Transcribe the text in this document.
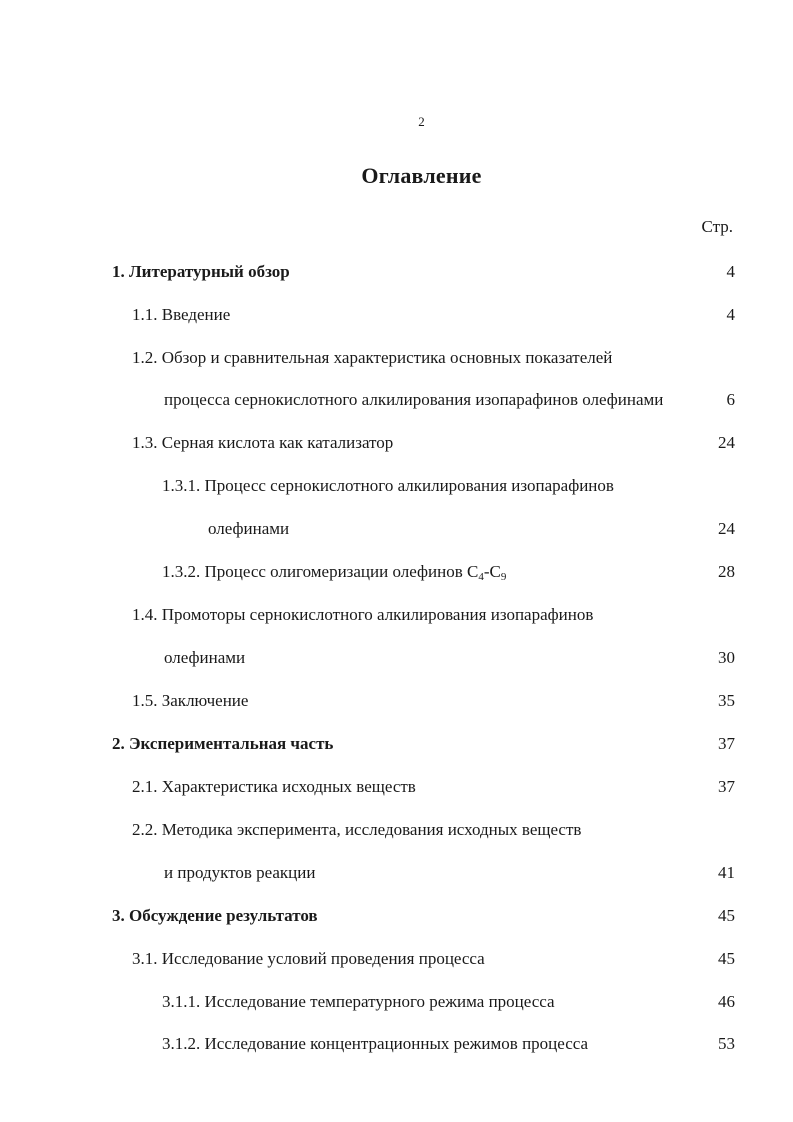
2
Оглавление
Стр.
1. Литературный обзор	4
1.1. Введение	4
1.2. Обзор и сравнительная характеристика основных показателей
процесса сернокислотного алкилирования изопарафинов олефинами	6
1.3. Серная кислота как катализатор	24
1.3.1. Процесс сернокислотного алкилирования изопарафинов
олефинами	24
1.3.2. Процесс олигомеризации олефинов $С_4-С_9$	28
1.4. Промоторы сернокислотного алкилирования изопарафинов
олефинами	30
1.5. Заключение	35
2. Экспериментальная часть	37
2.1. Характеристика исходных веществ	37
2.2. Методика эксперимента, исследования исходных веществ
и продуктов реакции	41
3. Обсуждение результатов	45
3.1. Исследование условий проведения процесса	45
3.1.1. Исследование температурного режима процесса	46
3.1.2. Исследование концентрационных режимов процесса	53
